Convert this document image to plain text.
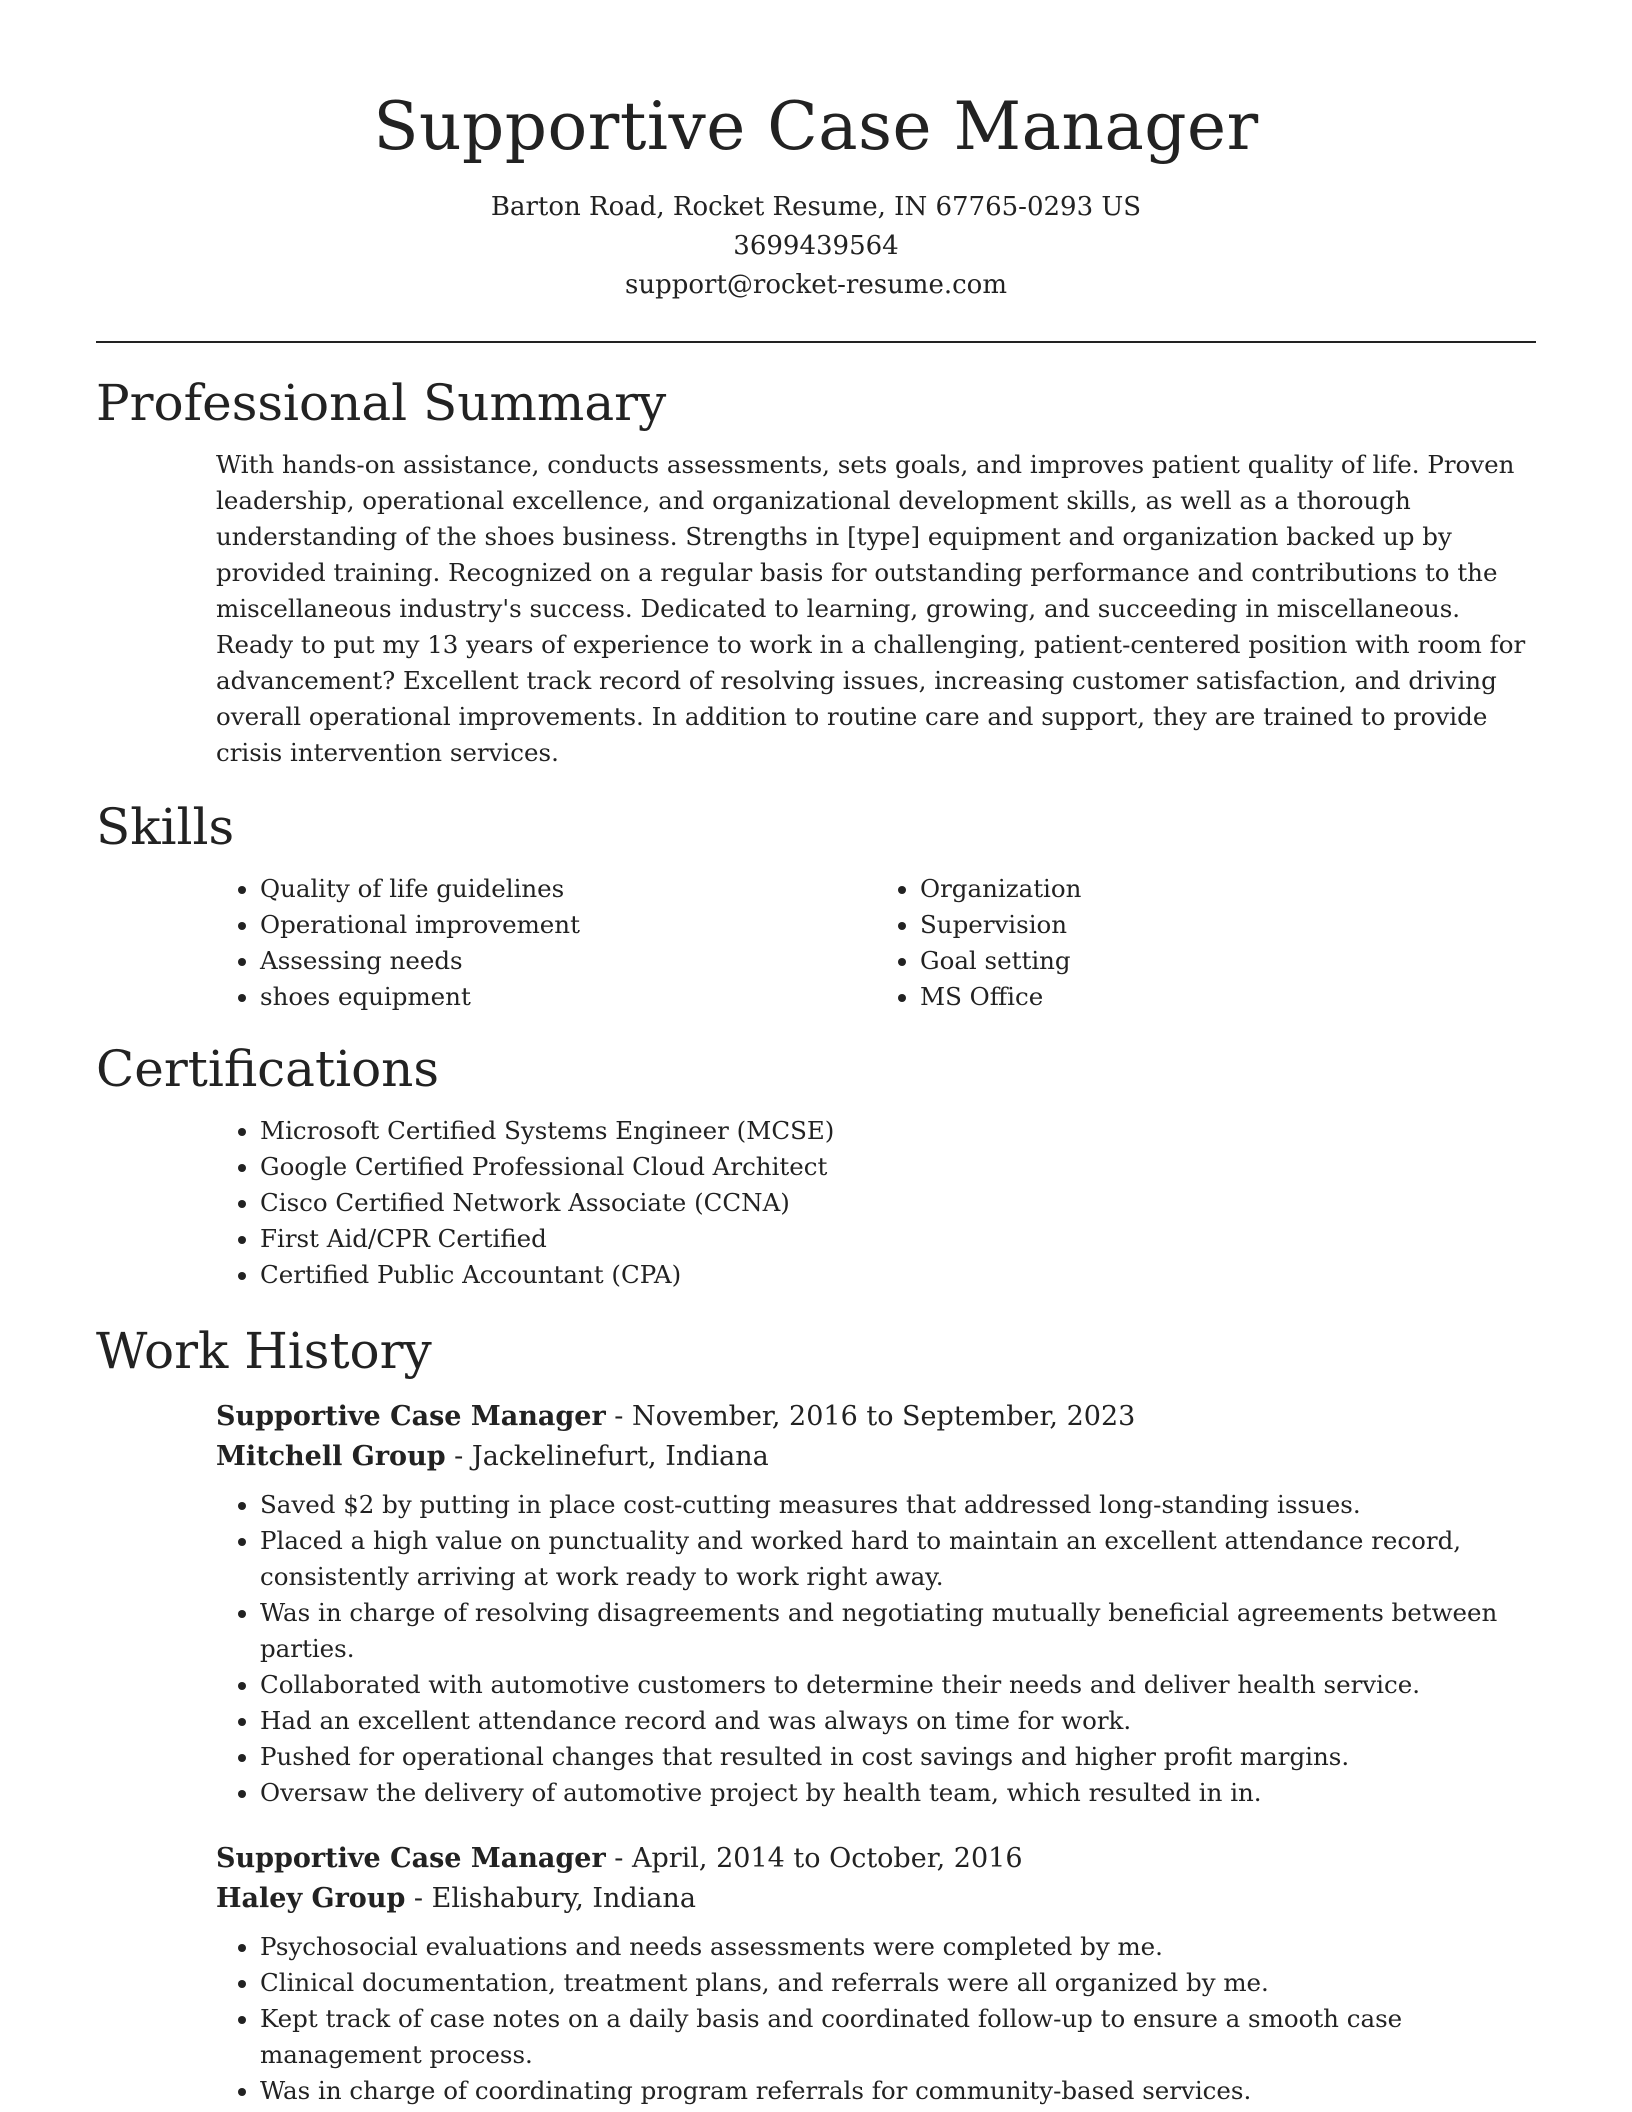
Supportive Case Manager
Barton Road, Rocket Resume, IN 67765-0293 US
3699439564
support@rocket-resume.com
Professional Summary

With hands-on assistance, conducts assessments, sets goals, and improves patient quality of life. Proven leadership, operational excellence, and organizational development skills, as well as a thorough understanding of the shoes business. Strengths in [type] equipment and organization backed up by provided training. Recognized on a regular basis for outstanding performance and contributions to the miscellaneous industry's success. Dedicated to learning, growing, and succeeding in miscellaneous. Ready to put my 13 years of experience to work in a challenging, patient-centered position with room for advancement? Excellent track record of resolving issues, increasing customer satisfaction, and driving overall operational improvements. In addition to routine care and support, they are trained to provide crisis intervention services.

Skills
• Quality of life guidelines
• Operational improvement
• Assessing needs
• shoes equipment
• Organization
• Supervision
• Goal setting
• MS Office
Certifications
• Microsoft Certified Systems Engineer (MCSE)
• Google Certified Professional Cloud Architect
• Cisco Certified Network Associate (CCNA)
• First Aid/CPR Certified
• Certified Public Accountant (CPA)
Work History
Supportive Case Manager - November, 2016 to September, 2023
Mitchell Group - Jackelinefurt, Indiana
• Saved $2 by putting in place cost-cutting measures that addressed long-standing issues.
• Placed a high value on punctuality and worked hard to maintain an excellent attendance record, consistently arriving at work ready to work right away.
• Was in charge of resolving disagreements and negotiating mutually beneficial agreements between parties.
• Collaborated with automotive customers to determine their needs and deliver health service.
• Had an excellent attendance record and was always on time for work.
• Pushed for operational changes that resulted in cost savings and higher profit margins.
• Oversaw the delivery of automotive project by health team, which resulted in in.
Supportive Case Manager - April, 2014 to October, 2016
Haley Group - Elishabury, Indiana
• Psychosocial evaluations and needs assessments were completed by me.
• Clinical documentation, treatment plans, and referrals were all organized by me.
• Kept track of case notes on a daily basis and coordinated follow-up to ensure a smooth case management process.
• Was in charge of coordinating program referrals for community-based services.
